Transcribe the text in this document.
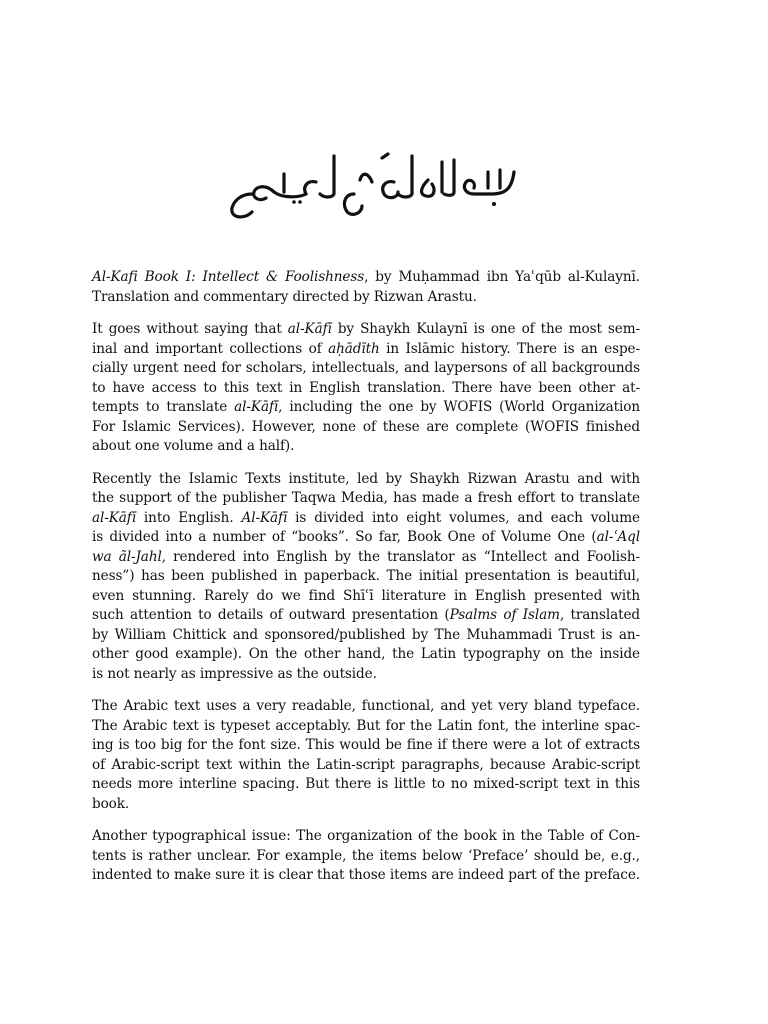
Al-Kafi Book I: Intellect & Foolishness, by Muḥammad ibn Yaʿqūb al-Kulaynī.
Translation and commentary directed by Rizwan Arastu.

It goes without saying that al-Kāfī by Shaykh Kulaynī is one of the most sem-
inal and important collections of aḥādīth in Islāmic history. There is an espe-
cially urgent need for scholars, intellectuals, and laypersons of all backgrounds
to have access to this text in English translation. There have been other at-
tempts to translate al-Kāfī, including the one by WOFIS (World Organization
For Islamic Services). However, none of these are complete (WOFIS finished
about one volume and a half).

Recently the Islamic Texts institute, led by Shaykh Rizwan Arastu and with
the support of the publisher Taqwa Media, has made a fresh effort to translate
al-Kāfī into English. Al-Kāfī is divided into eight volumes, and each volume
is divided into a number of “books”. So far, Book One of Volume One (al-ʿAql
wa ãl-Jahl, rendered into English by the translator as “Intellect and Foolish-
ness”) has been published in paperback. The initial presentation is beautiful,
even stunning. Rarely do we find Shīʿī literature in English presented with
such attention to details of outward presentation (Psalms of Islam, translated
by William Chittick and sponsored/published by The Muhammadi Trust is an-
other good example). On the other hand, the Latin typography on the inside
is not nearly as impressive as the outside.

The Arabic text uses a very readable, functional, and yet very bland typeface.
The Arabic text is typeset acceptably. But for the Latin font, the interline spac-
ing is too big for the font size. This would be fine if there were a lot of extracts
of Arabic-script text within the Latin-script paragraphs, because Arabic-script
needs more interline spacing. But there is little to no mixed-script text in this
book.

Another typographical issue: The organization of the book in the Table of Con-
tents is rather unclear. For example, the items below ‘Preface’ should be, e.g.,
indented to make sure it is clear that those items are indeed part of the preface.
